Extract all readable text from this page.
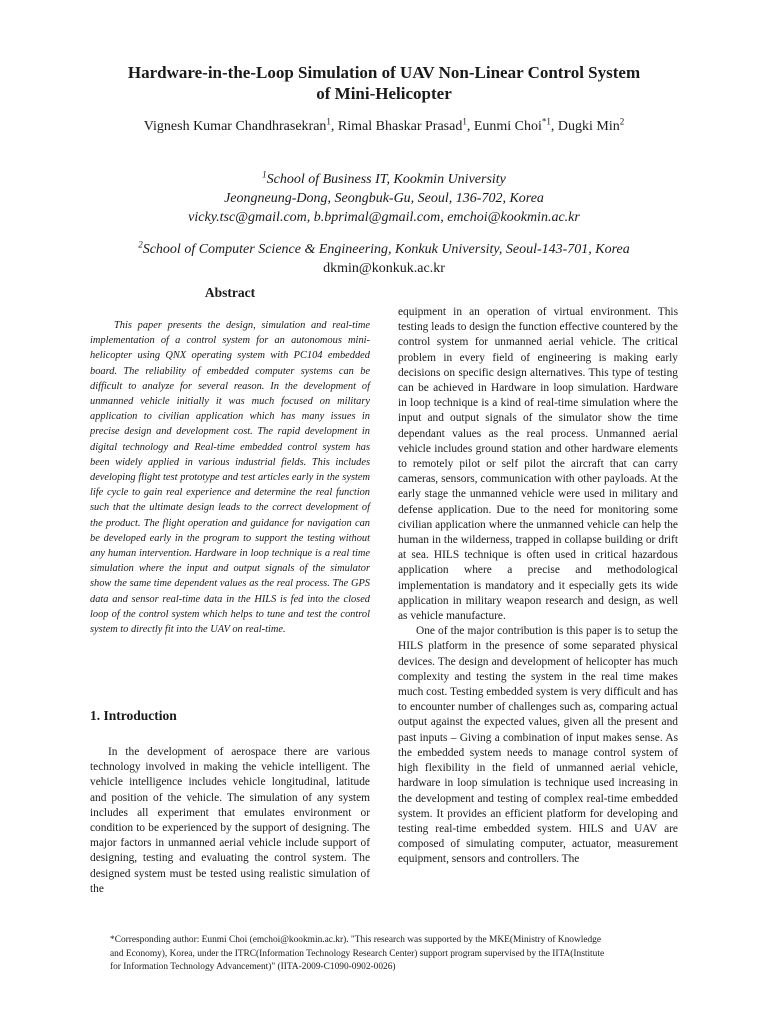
Hardware-in-the-Loop Simulation of UAV Non-Linear Control System
of Mini-Helicopter
Vignesh Kumar Chandhrasekran$^1$, Rimal Bhaskar Prasad$^1$, Eunmi Choi$^{*1}$, Dugki Min$^2$
$^1$School of Business IT, Kookmin University
Jeongneung-Dong, Seongbuk-Gu, Seoul, 136-702, Korea
vicky.tsc@gmail.com, b.bprimal@gmail.com, emchoi@kookmin.ac.kr
$^2$School of Computer Science & Engineering, Konkuk University, Seoul-143-701, Korea
dkmin@konkuk.ac.kr
Abstract
This paper presents the design, simulation and real-time implementation of a control system for an autonomous mini-helicopter using QNX operating system with PC104 embedded board. The reliability of embedded computer systems can be difficult to analyze for several reason. In the development of unmanned vehicle initially it was much focused on military application to civilian application which has many issues in precise design and development cost. The rapid development in digital technology and Real-time embedded control system has been widely applied in various industrial fields. This includes developing flight test prototype and test articles early in the system life cycle to gain real experience and determine the real function such that the ultimate design leads to the correct development of the product. The flight operation and guidance for navigation can be developed early in the program to support the testing without any human intervention. Hardware in loop technique is a real time simulation where the input and output signals of the simulator show the same time dependent values as the real process. The GPS data and sensor real-time data in the HILS is fed into the closed loop of the control system which helps to tune and test the control system to directly fit into the UAV on real-time.
1. Introduction
In the development of aerospace there are various technology involved in making the vehicle intelligent. The vehicle intelligence includes vehicle longitudinal, latitude and position of the vehicle. The simulation of any system includes all experiment that emulates environment or condition to be experienced by the support of designing. The major factors in unmanned aerial vehicle include support of designing, testing and evaluating the control system. The designed system must be tested using realistic simulation of the

equipment in an operation of virtual environment. This testing leads to design the function effective countered by the control system for unmanned aerial vehicle. The critical problem in every field of engineering is making early decisions on specific design alternatives. This type of testing can be achieved in Hardware in loop simulation. Hardware in loop technique is a kind of real-time simulation where the input and output signals of the simulator show the time dependant values as the real process. Unmanned aerial vehicle includes ground station and other hardware elements to remotely pilot or self pilot the aircraft that can carry cameras, sensors, communication with other payloads. At the early stage the unmanned vehicle were used in military and defense application. Due to the need for monitoring some civilian application where the unmanned vehicle can help the human in the wilderness, trapped in collapse building or drift at sea. HILS technique is often used in critical hazardous application where a precise and methodological implementation is mandatory and it especially gets its wide application in military weapon research and design, as well as vehicle manufacture.

One of the major contribution is this paper is to setup the HILS platform in the presence of some separated physical devices. The design and development of helicopter has much complexity and testing the system in the real time makes much cost. Testing embedded system is very difficult and has to encounter number of challenges such as, comparing actual output against the expected values, given all the present and past inputs – Giving a combination of input makes sense. As the embedded system needs to manage control system of high flexibility in the field of unmanned aerial vehicle, hardware in loop simulation is technique used increasing in the development and testing of complex real-time embedded system. It provides an efficient platform for developing and testing real-time embedded system. HILS and UAV are composed of simulating computer, actuator, measurement equipment, sensors and controllers. The

*Corresponding author: Eunmi Choi (emchoi@kookmin.ac.kr). "This research was supported by the MKE(Ministry of Knowledge
and Economy), Korea, under the ITRC(Information Technology Research Center) support program supervised by the IITA(Institute
for Information Technology Advancement)" (IITA-2009-C1090-0902-0026)
